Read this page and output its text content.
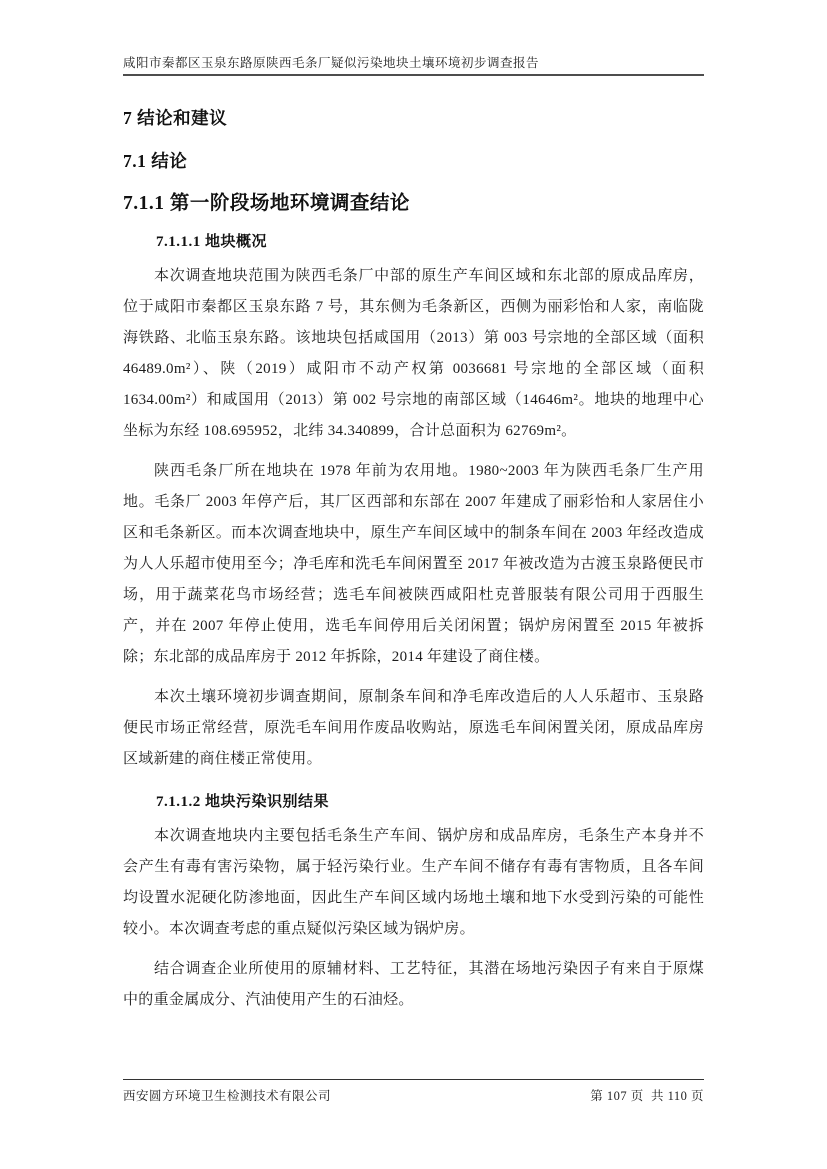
咸阳市秦都区玉泉东路原陕西毛条厂疑似污染地块土壤环境初步调查报告
7 结论和建议
7.1 结论
7.1.1 第一阶段场地环境调查结论
7.1.1.1 地块概况

本次调查地块范围为陕西毛条厂中部的原生产车间区域和东北部的原成品库房，位于咸阳市秦都区玉泉东路 7 号，其东侧为毛条新区，西侧为丽彩怡和人家，南临陇海铁路、北临玉泉东路。该地块包括咸国用（2013）第 003 号宗地的全部区域（面积 46489.0m²）、陕（2019）咸阳市不动产权第 0036681 号宗地的全部区域（面积 1634.00m²）和咸国用（2013）第 002 号宗地的南部区域（14646m²。地块的地理中心坐标为东经 108.695952，北纬 34.340899，合计总面积为 62769m²。

陕西毛条厂所在地块在 1978 年前为农用地。1980~2003 年为陕西毛条厂生产用地。毛条厂 2003 年停产后，其厂区西部和东部在 2007 年建成了丽彩怡和人家居住小区和毛条新区。而本次调查地块中，原生产车间区域中的制条车间在 2003 年经改造成为人人乐超市使用至今；净毛库和洗毛车间闲置至 2017 年被改造为古渡玉泉路便民市场，用于蔬菜花鸟市场经营；选毛车间被陕西咸阳杜克普服装有限公司用于西服生产，并在 2007 年停止使用，选毛车间停用后关闭闲置；锅炉房闲置至 2015 年被拆除；东北部的成品库房于 2012 年拆除，2014 年建设了商住楼。

本次土壤环境初步调查期间，原制条车间和净毛库改造后的人人乐超市、玉泉路便民市场正常经营，原洗毛车间用作废品收购站，原选毛车间闲置关闭，原成品库房区域新建的商住楼正常使用。

7.1.1.2 地块污染识别结果

本次调查地块内主要包括毛条生产车间、锅炉房和成品库房，毛条生产本身并不会产生有毒有害污染物，属于轻污染行业。生产车间不储存有毒有害物质，且各车间均设置水泥硬化防渗地面，因此生产车间区域内场地土壤和地下水受到污染的可能性较小。本次调查考虑的重点疑似污染区域为锅炉房。

结合调查企业所使用的原辅材料、工艺特征，其潜在场地污染因子有来自于原煤中的重金属成分、汽油使用产生的石油烃。

西安圆方环境卫生检测技术有限公司	第 107 页  共 110 页
